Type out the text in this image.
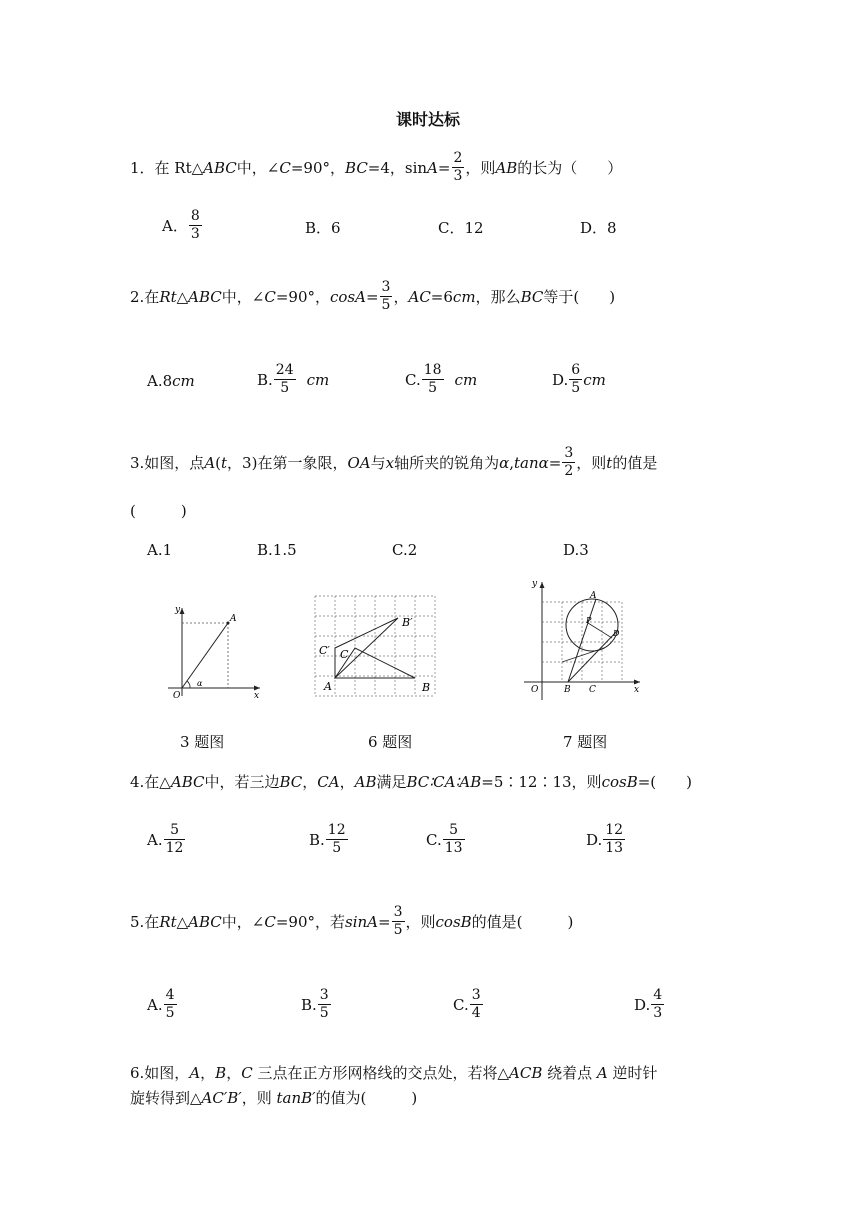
课时达标
1．在 Rt△ ABC 中，∠ C =90°， BC =4，$\sin A = \frac{2}{3}$ ，则 AB 的长为（　　）
A． $\frac{8}{3}$	B．6	C．12	D．8
2.在 Rt△ABC 中，∠ C =90°， $\cos A = \frac{3}{5}$ ， AC =6 cm ，那么 BC 等于(　　)
A.8 cm	B. $\frac{24}{5}$ cm	C. $\frac{18}{5}$ cm	D. $\frac{6}{5}$ cm
3.如图，点 A ( t ，3)在第一象限， OA 与 x 轴所夹的锐角为 α , $\tan\alpha = \frac{3}{2}$ ，则 t 的值是
(　　　)
A.1	B.1.5	C.2	D.3
y
x
O
A
α	A	B
C
C′
B′
y
x
O
A
B C
D
P
3 题图	6 题图	7 题图
4.在△ ABC 中，若三边 BC ， CA ， AB 满足 BC∶CA∶AB =5∶12∶13，则 cosB =(　　)
A. $\frac{5}{12}$	B. $\frac{12}{5}$	C. $\frac{5}{13}$	D. $\frac{12}{13}$
5.在 Rt△ABC 中，∠ C =90°，若 $\sin A = \frac{3}{5}$ ，则 cosB 的值是(　　　)
A. $\frac{4}{5}$	B. $\frac{3}{5}$	C. $\frac{3}{4}$	D. $\frac{4}{3}$
6.如图，A，B，C 三点在正方形网格线的交点处，若将△ACB 绕着点 A 逆时针
旋转得到△AC′B′，则 tanB′的值为(　　　)
